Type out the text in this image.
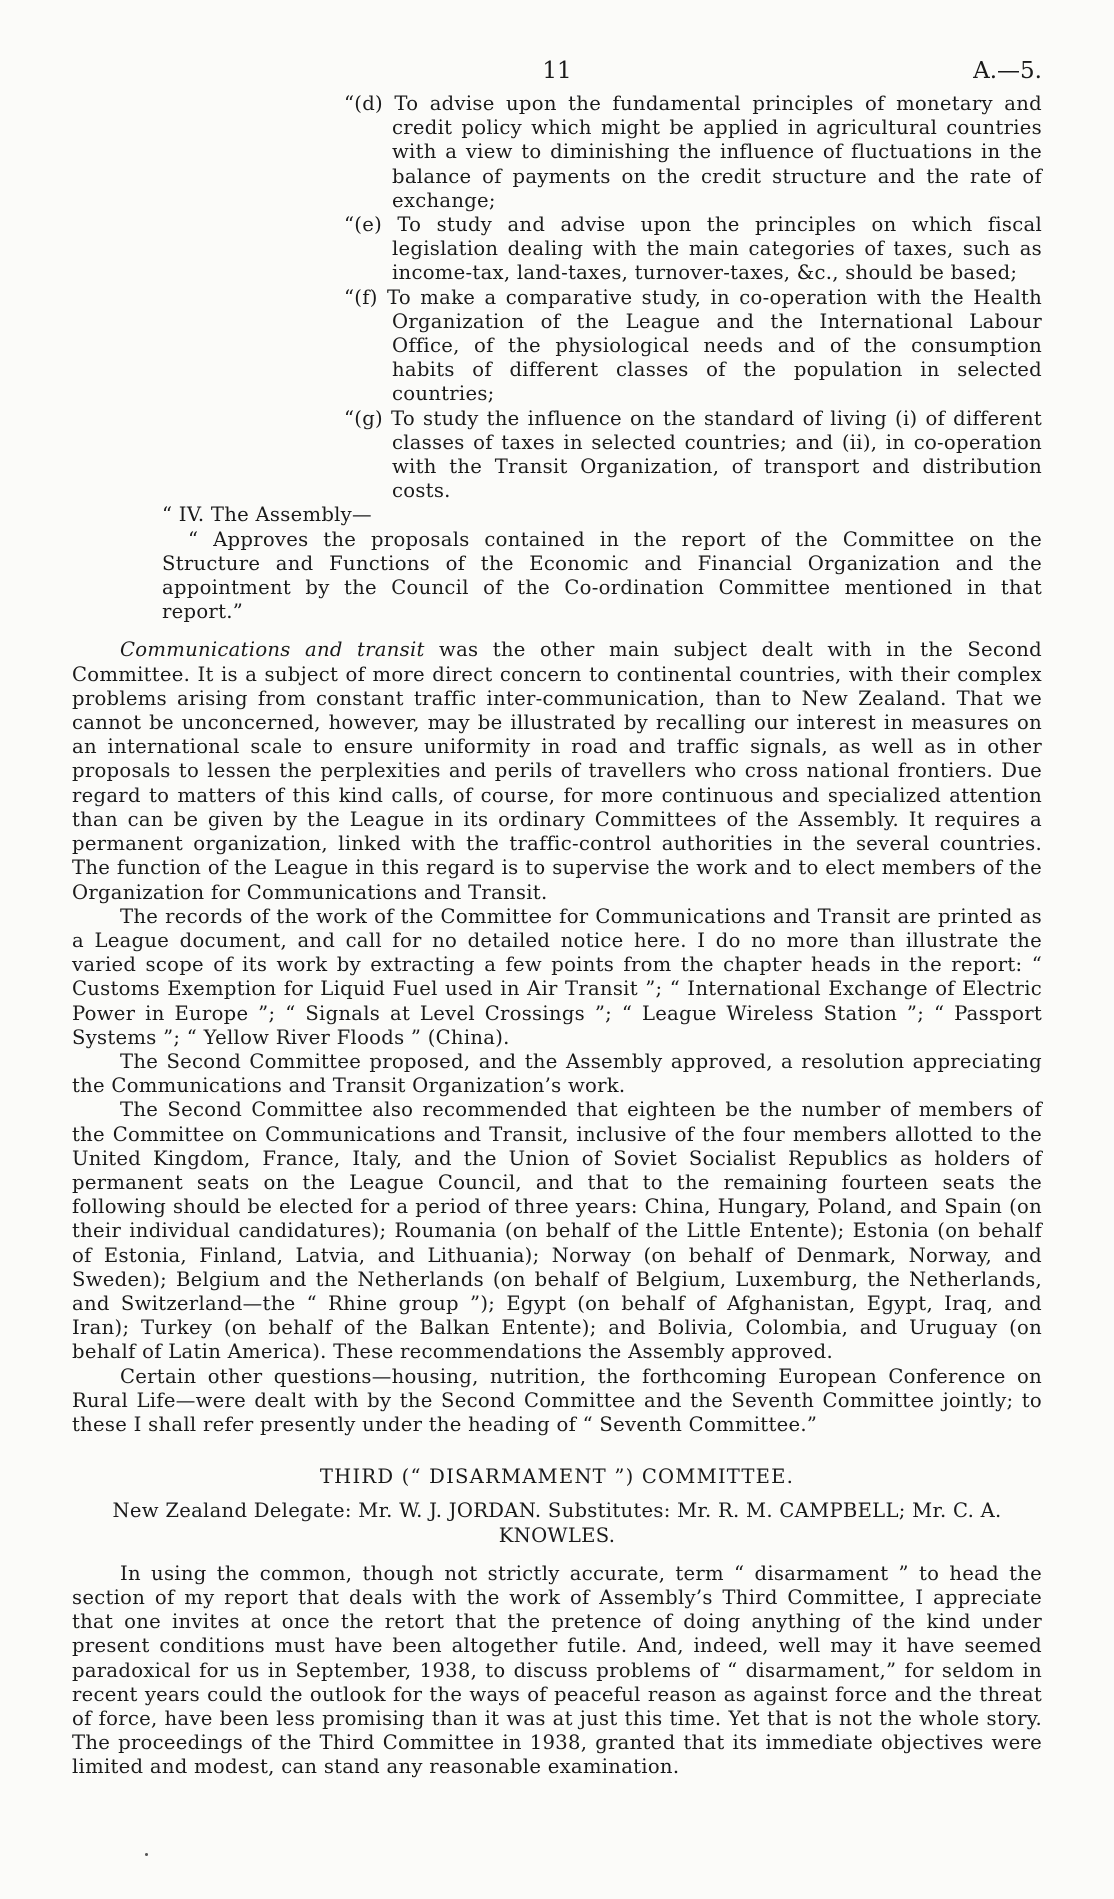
11	A.—5.

“(d) To advise upon the fundamental principles of monetary and credit policy which might be applied in agricultural countries with a view to diminishing the influence of fluctuations in the balance of payments on the credit structure and the rate of exchange;

“(e) To study and advise upon the principles on which fiscal legislation dealing with the main categories of taxes, such as income-tax, land-taxes, turnover-taxes, &c., should be based;

“(f) To make a comparative study, in co-operation with the Health Organization of the League and the International Labour Office, of the physiological needs and of the consumption habits of different classes of the population in selected countries;

“(g) To study the influence on the standard of living (i) of different classes of taxes in selected countries; and (ii), in co-operation with the Transit Organization, of transport and distribution costs.

“ IV. The Assembly—

“ Approves the proposals contained in the report of the Committee on the Structure and Functions of the Economic and Financial Organization and the appointment by the Council of the Co-ordination Committee mentioned in that report.”

Communications and transit was the other main subject dealt with in the Second Committee. It is a subject of more direct concern to continental countries, with their complex problems arising from constant traffic inter-communication, than to New Zealand. That we cannot be unconcerned, however, may be illustrated by recalling our interest in measures on an international scale to ensure uniformity in road and traffic signals, as well as in other proposals to lessen the perplexities and perils of travellers who cross national frontiers. Due regard to matters of this kind calls, of course, for more continuous and specialized attention than can be given by the League in its ordinary Committees of the Assembly. It requires a permanent organization, linked with the traffic-control authorities in the several countries. The function of the League in this regard is to supervise the work and to elect members of the Organization for Communications and Transit.

The records of the work of the Committee for Communications and Transit are printed as a League document, and call for no detailed notice here. I do no more than illustrate the varied scope of its work by extracting a few points from the chapter heads in the report: “ Customs Exemption for Liquid Fuel used in Air Transit ”; “ International Exchange of Electric Power in Europe ”; “ Signals at Level Crossings ”; “ League Wireless Station ”; “ Passport Systems ”; “ Yellow River Floods ” (China).

The Second Committee proposed, and the Assembly approved, a resolution appreciating the Communications and Transit Organization’s work.

The Second Committee also recommended that eighteen be the number of members of the Committee on Communications and Transit, inclusive of the four members allotted to the United Kingdom, France, Italy, and the Union of Soviet Socialist Republics as holders of permanent seats on the League Council, and that to the remaining fourteen seats the following should be elected for a period of three years: China, Hungary, Poland, and Spain (on their individual candidatures); Roumania (on behalf of the Little Entente); Estonia (on behalf of Estonia, Finland, Latvia, and Lithuania); Norway (on behalf of Denmark, Norway, and Sweden); Belgium and the Netherlands (on behalf of Belgium, Luxemburg, the Netherlands, and Switzerland—the “ Rhine group ”); Egypt (on behalf of Afghanistan, Egypt, Iraq, and Iran); Turkey (on behalf of the Balkan Entente); and Bolivia, Colombia, and Uruguay (on behalf of Latin America). These recommendations the Assembly approved.

Certain other questions—housing, nutrition, the forthcoming European Conference on Rural Life—were dealt with by the Second Committee and the Seventh Committee jointly; to these I shall refer presently under the heading of “ Seventh Committee.”

THIRD (“ DISARMAMENT ”) COMMITTEE.

New Zealand Delegate: Mr. W. J. JORDAN. Substitutes: Mr. R. M. CAMPBELL; Mr. C. A. KNOWLES.

In using the common, though not strictly accurate, term “ disarmament ” to head the section of my report that deals with the work of Assembly’s Third Committee, I appreciate that one invites at once the retort that the pretence of doing anything of the kind under present conditions must have been altogether futile. And, indeed, well may it have seemed paradoxical for us in September, 1938, to discuss problems of “ disarmament,” for seldom in recent years could the outlook for the ways of peaceful reason as against force and the threat of force, have been less promising than it was at just this time. Yet that is not the whole story. The proceedings of the Third Committee in 1938, granted that its immediate objectives were limited and modest, can stand any reasonable examination.
